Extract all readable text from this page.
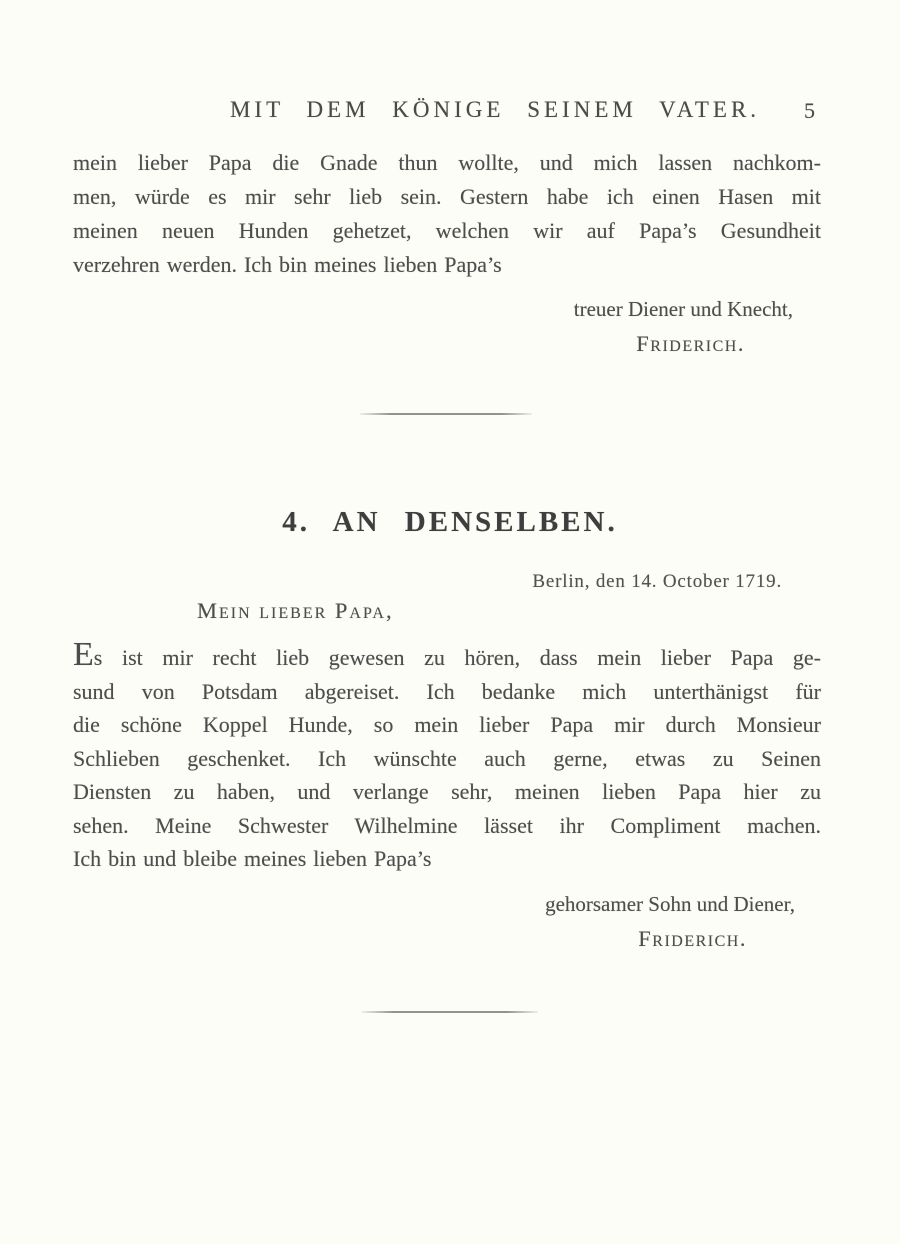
MIT DEM KÖNIGE SEINEM VATER. 5
mein lieber Papa die Gnade thun wollte, und mich lassen nachkom-
men, würde es mir sehr lieb sein. Gestern habe ich einen Hasen mit
meinen neuen Hunden gehetzet, welchen wir auf Papa’s Gesundheit
verzehren werden. Ich bin meines lieben Papa’s
treuer Diener und Knecht,
Friderich.
4. AN DENSELBEN.
Berlin, den 14. October 1719.
Mein lieber Papa,
Es ist mir recht lieb gewesen zu hören, dass mein lieber Papa ge-
sund von Potsdam abgereiset. Ich bedanke mich unterthänigst für
die schöne Koppel Hunde, so mein lieber Papa mir durch Monsieur
Schlieben geschenket. Ich wünschte auch gerne, etwas zu Seinen
Diensten zu haben, und verlange sehr, meinen lieben Papa hier zu
sehen. Meine Schwester Wilhelmine lässet ihr Compliment machen.
Ich bin und bleibe meines lieben Papa’s
gehorsamer Sohn und Diener,
Friderich.
